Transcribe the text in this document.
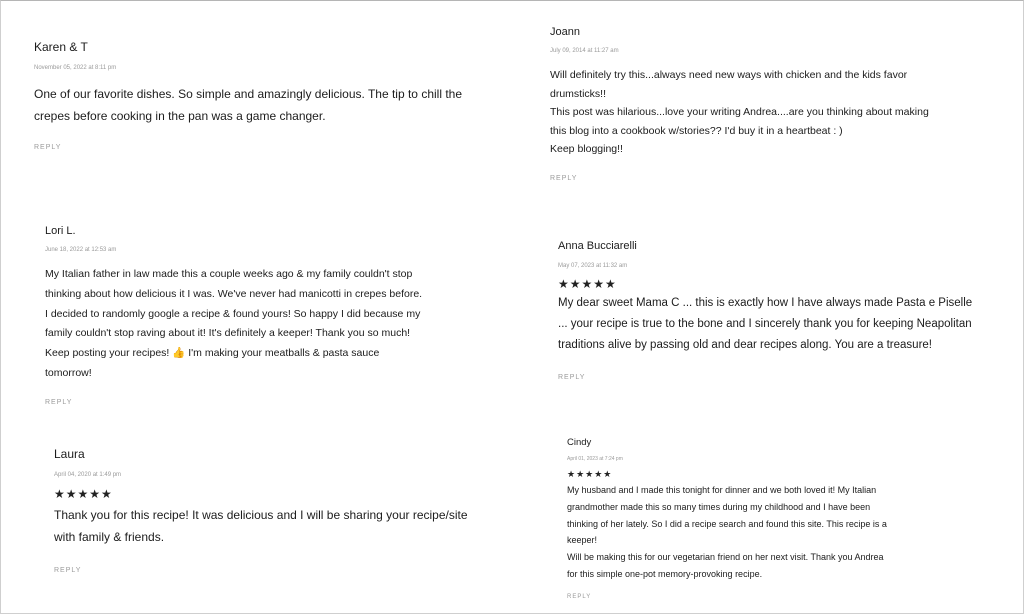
Karen & T
November 05, 2022 at 8:11 pm
One of our favorite dishes. So simple and amazingly delicious. The tip to chill the
crepes before cooking in the pan was a game changer.
REPLY
Joann
July 09, 2014 at 11:27 am
Will definitely try this...always need new ways with chicken and the kids favor
drumsticks!!
This post was hilarious...love your writing Andrea....are you thinking about making
this blog into a cookbook w/stories?? I'd buy it in a heartbeat : )
Keep blogging!!
REPLY
Lori L.
June 18, 2022 at 12:53 am
My Italian father in law made this a couple weeks ago & my family couldn't stop
thinking about how delicious it I was. We've never had manicotti in crepes before.
I decided to randomly google a recipe & found yours! So happy I did because my
family couldn't stop raving about it! It's definitely a keeper! Thank you so much!
Keep posting your recipes! 👍 I'm making your meatballs & pasta sauce
tomorrow!
REPLY
Anna Bucciarelli
May 07, 2023 at 11:32 am
★★★★★
My dear sweet Mama C ... this is exactly how I have always made Pasta e Piselle
... your recipe is true to the bone and I sincerely thank you for keeping Neapolitan
traditions alive by passing old and dear recipes along. You are a treasure!
REPLY
Laura
April 04, 2020 at 1:49 pm
★★★★★
Thank you for this recipe! It was delicious and I will be sharing your recipe/site
with family & friends.
REPLY
Cindy
April 01, 2023 at 7:24 pm
★★★★★
My husband and I made this tonight for dinner and we both loved it! My Italian
grandmother made this so many times during my childhood and I have been
thinking of her lately. So I did a recipe search and found this site. This recipe is a
keeper!
Will be making this for our vegetarian friend on her next visit. Thank you Andrea
for this simple one-pot memory-provoking recipe.
REPLY
